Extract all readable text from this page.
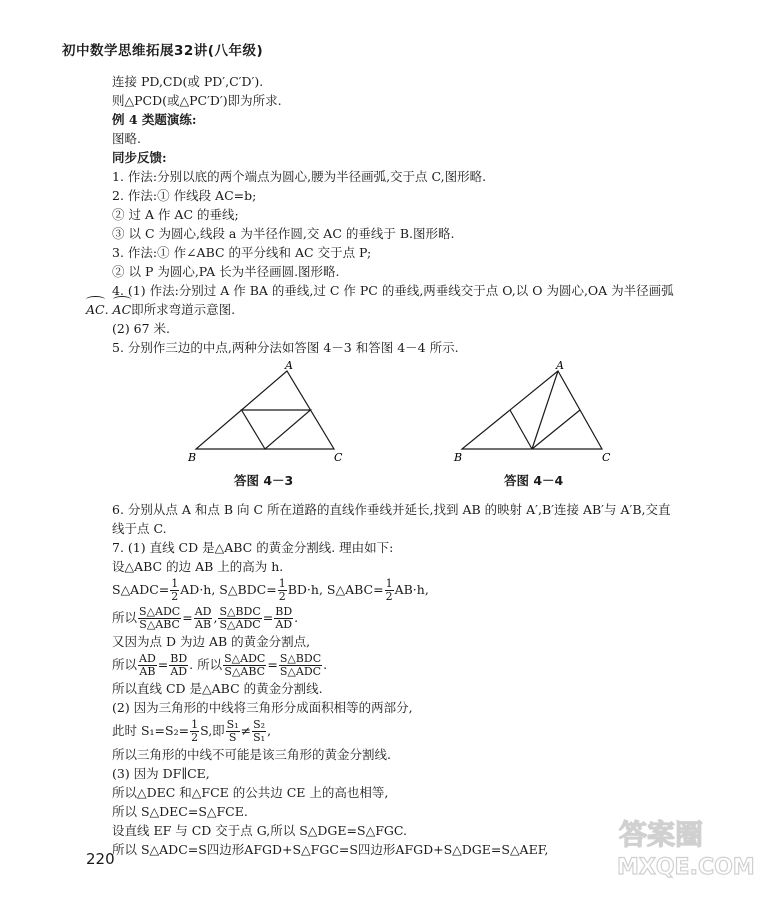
初中数学思维拓展32讲(八年级)
连接 PD,CD(或 PD′,C′D′).
则△PCD(或△PC′D′)即为所求.
例 4 类题演练:
图略.
同步反馈:
1. 作法:分别以底的两个端点为圆心,腰为半径画弧,交于点 C,图形略.
2. 作法:① 作线段 AC=b;
② 过 A 作 AC 的垂线;
③ 以 C 为圆心,线段 a 为半径作圆,交 AC 的垂线于 B.图形略.
3. 作法:① 作∠ABC 的平分线和 AC 交于点 P;
② 以 P 为圆心,PA 长为半径画圆.图形略.
4. (1) 作法:分别过 A 作 BA 的垂线,过 C 作 PC 的垂线,两垂线交于点 O,以 O 为圆心,OA 为半径画弧
AC. AC即所求弯道示意图.
(2) 67 米.
5. 分别作三边的中点,两种分法如答图 4－3 和答图 4－4 所示.
A
B	C
答图 4－3
A
B	C
答图 4－4
6. 分别从点 A 和点 B 向 C 所在道路的直线作垂线并延长,找到 AB 的映射 A′,B′连接 AB′与 A′B,交直
线于点 C.
7. (1) 直线 CD 是△ABC 的黄金分割线. 理由如下:
设△ABC 的边 AB 上的高为 h.
S△ADC= $\frac{1}{2} AD\cdot h$, S△BDC= $\frac{1}{2} BD\cdot h$, S△ABC= $\frac{1}{2} AB\cdot h$,
所以 $\frac{\text{S△ADC}}{\text{S△ABC}} = \frac{AD}{AB}$ , $\frac{\text{S△BDC}}{\text{S△ADC}} = \frac{BD}{AD}$ .
又因为点 D 为边 AB 的黄金分割点,
所以 $\frac{AD}{AB} = \frac{BD}{AD}$ . 所以 $\frac{\text{S△ADC}}{\text{S△ABC}} = \frac{\text{S△BDC}}{\text{S△ADC}}$ .
所以直线 CD 是△ABC 的黄金分割线.
(2) 因为三角形的中线将三角形分成面积相等的两部分,
此时 $S_1=S_2= \frac{1}{2} S$,即 $\frac{\text{S₁}}{S} \ne \frac{\text{S₂}}{\text{S₁}}$ ,
所以三角形的中线不可能是该三角形的黄金分割线.
(3) 因为 DF∥CE,
所以△DEC 和△FCE 的公共边 CE 上的高也相等,
所以 S△DEC=S△FCE.
设直线 EF 与 CD 交于点 G,所以 S△DGE=S△FGC.
所以 S△ADC=S四边形AFGD+S△FGC=S四边形AFGD+S△DGE=S△AEF,
220
答案圈
MXQE.COM
